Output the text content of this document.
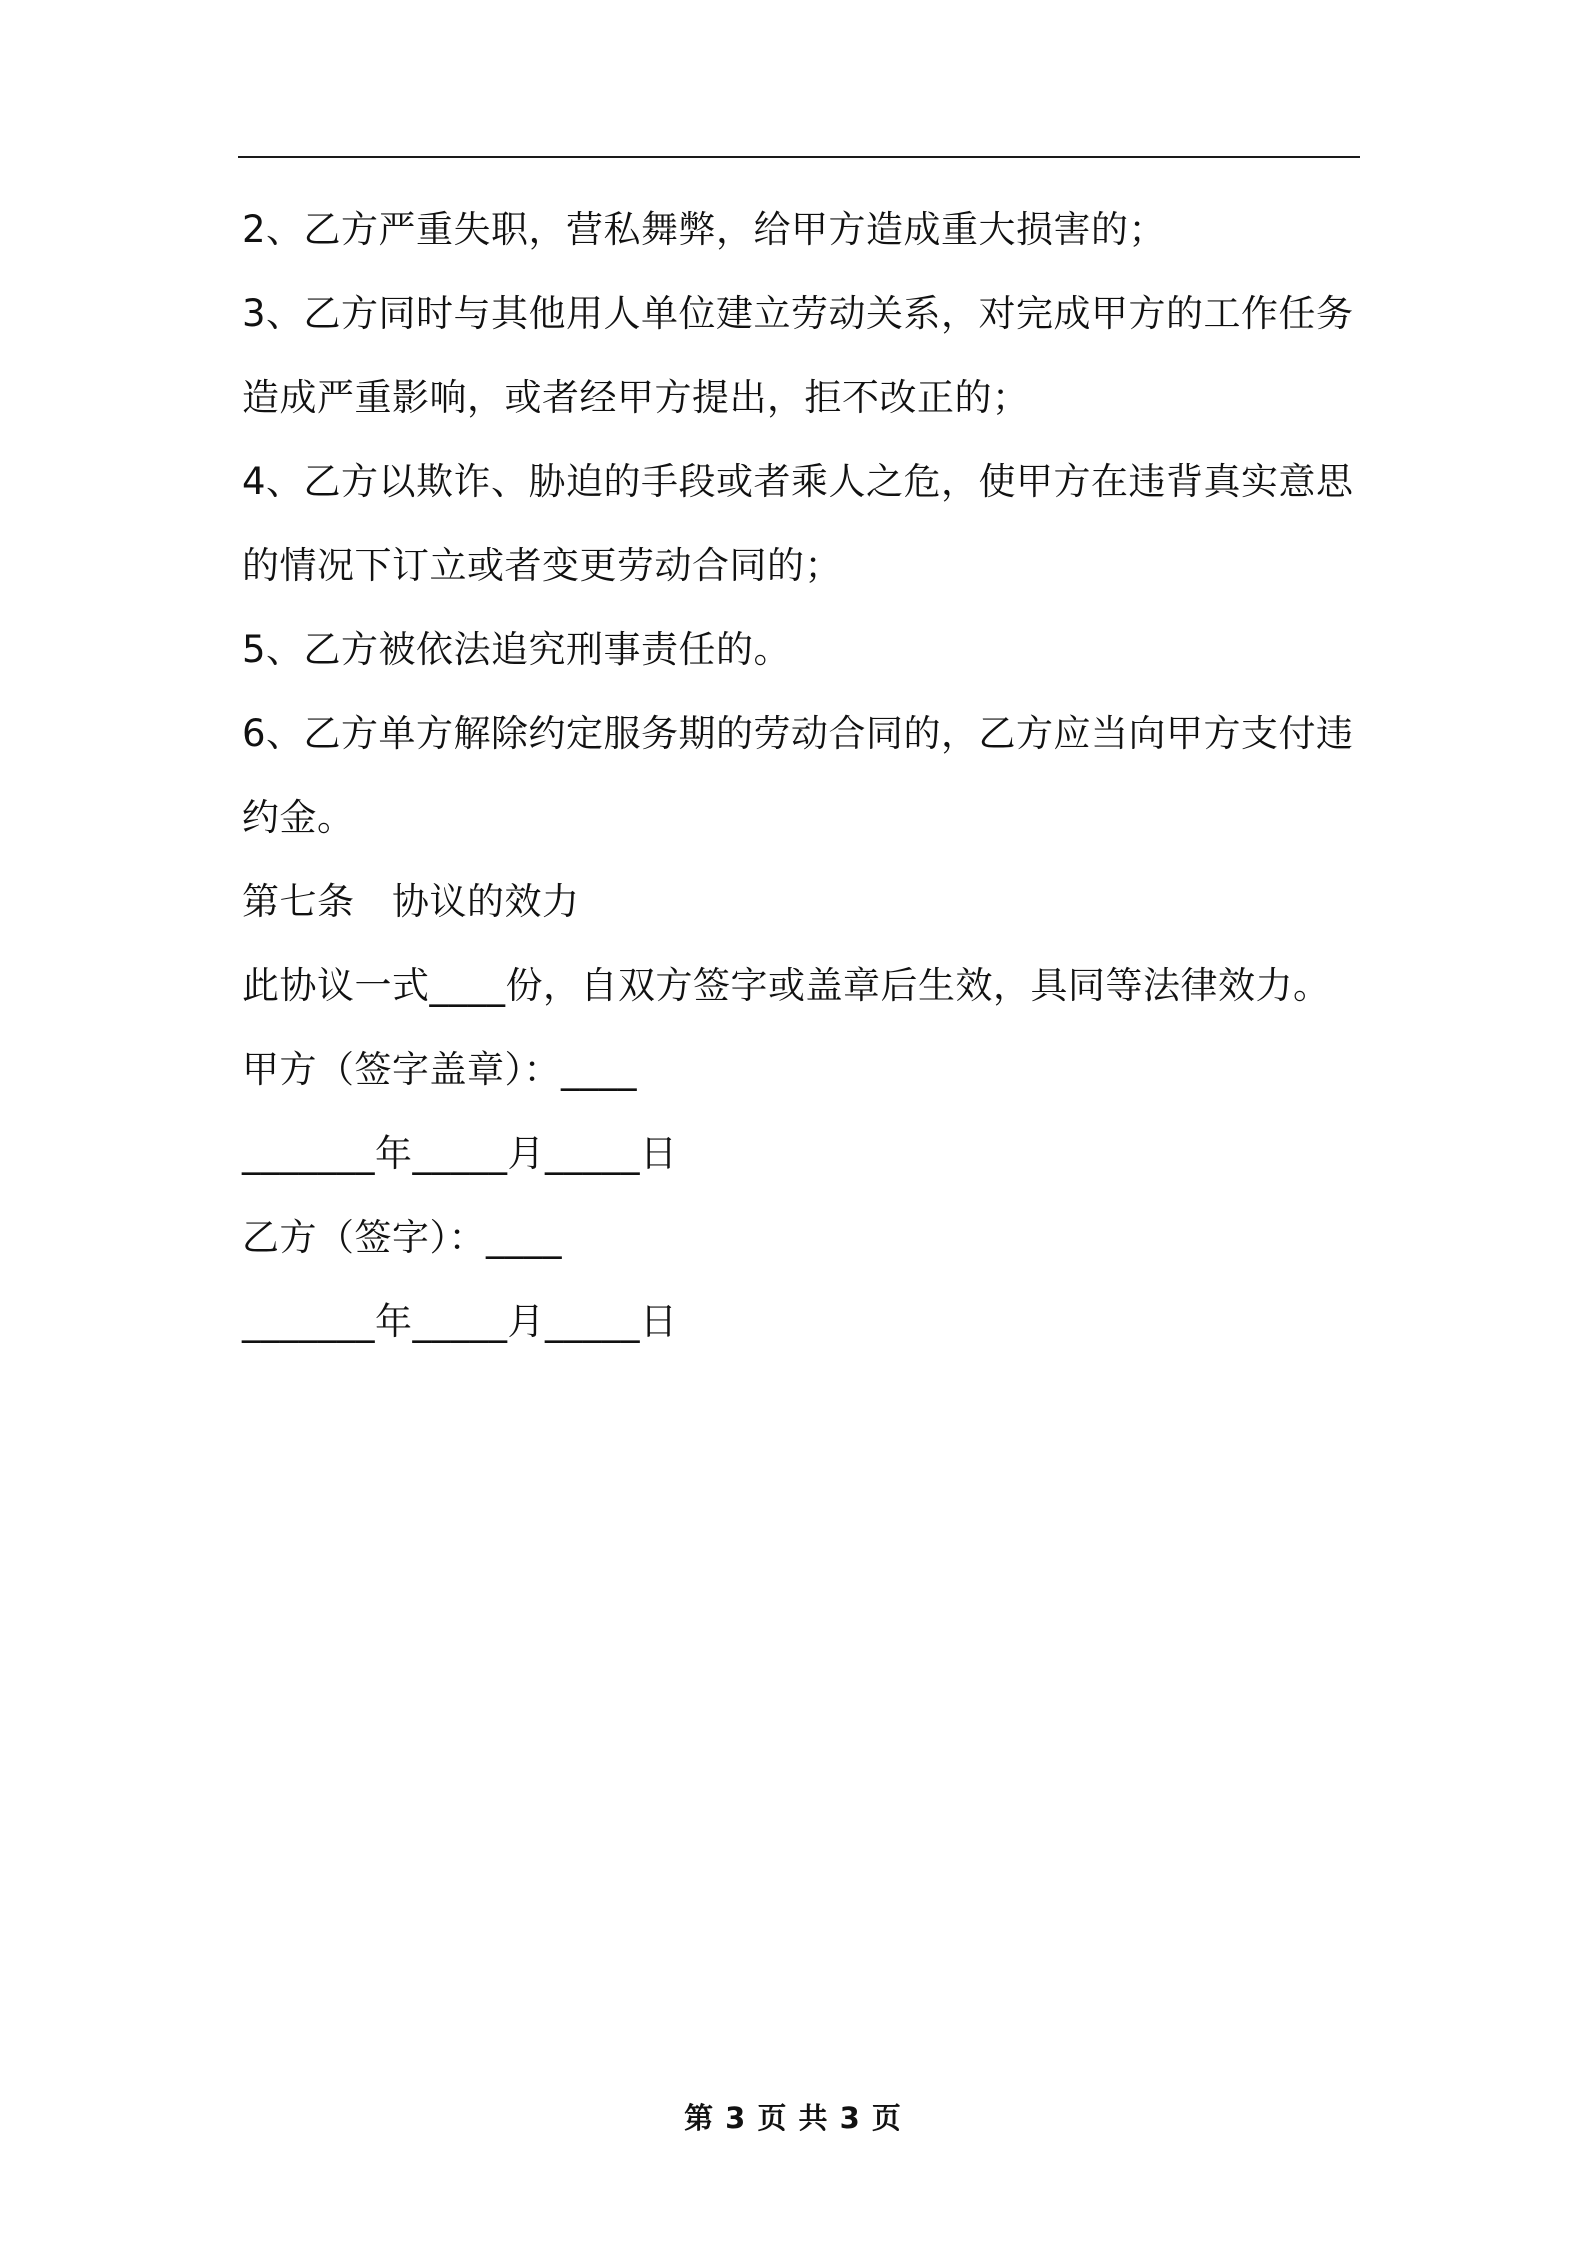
2、乙方严重失职，营私舞弊，给甲方造成重大损害的；
3、乙方同时与其他用人单位建立劳动关系，对完成甲方的工作任务
造成严重影响，或者经甲方提出，拒不改正的；
4、乙方以欺诈、胁迫的手段或者乘人之危，使甲方在违背真实意思
的情况下订立或者变更劳动合同的；
5、乙方被依法追究刑事责任的。
6、乙方单方解除约定服务期的劳动合同的，乙方应当向甲方支付违
约金。
第七条　协议的效力
此协议一式____份，自双方签字或盖章后生效，具同等法律效力。
甲方（签字盖章）：____
_______年_____月_____日
乙方（签字）：____
_______年_____月_____日
第 3 页 共 3 页
